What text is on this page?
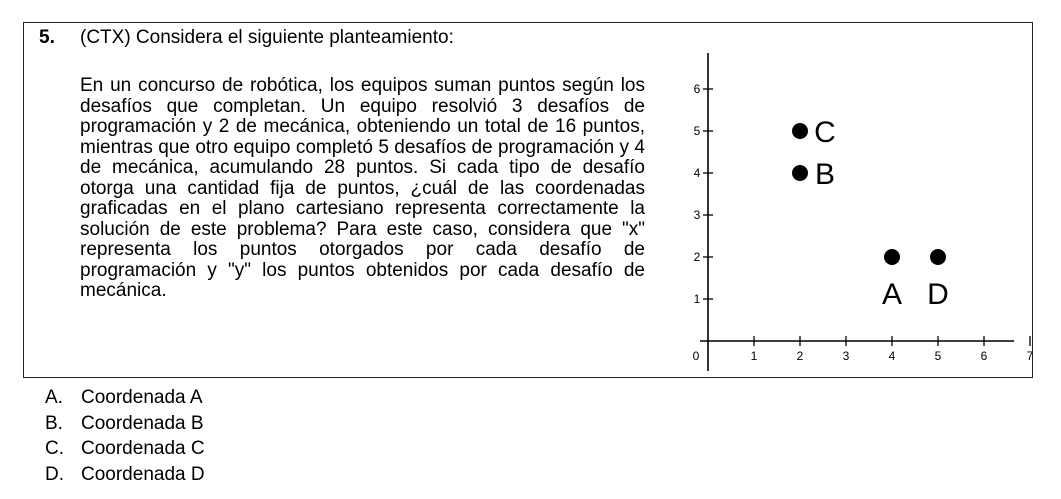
5. (CTX) Considera el siguiente planteamiento:

En un concurso de robótica, los equipos suman puntos según los desafíos que completan. Un equipo resolvió 3 desafíos de programación y 2 de mecánica, obteniendo un total de 16 puntos, mientras que otro equipo completó 5 desafíos de programación y 4 de mecánica, acumulando 28 puntos. Si cada tipo de desafío otorga una cantidad fija de puntos, ¿cuál de las coordenadas graficadas en el plano cartesiano representa correctamente la solución de este problema? Para este caso, considera que "x" representa los puntos otorgados por cada desafío de programación y "y" los puntos obtenidos por cada desafío de mecánica.

0	1	2	3	4	5	6	7
1
2
3
4
5
6
C
B
A D
A. Coordenada A
B. Coordenada B
C. Coordenada C
D. Coordenada D
